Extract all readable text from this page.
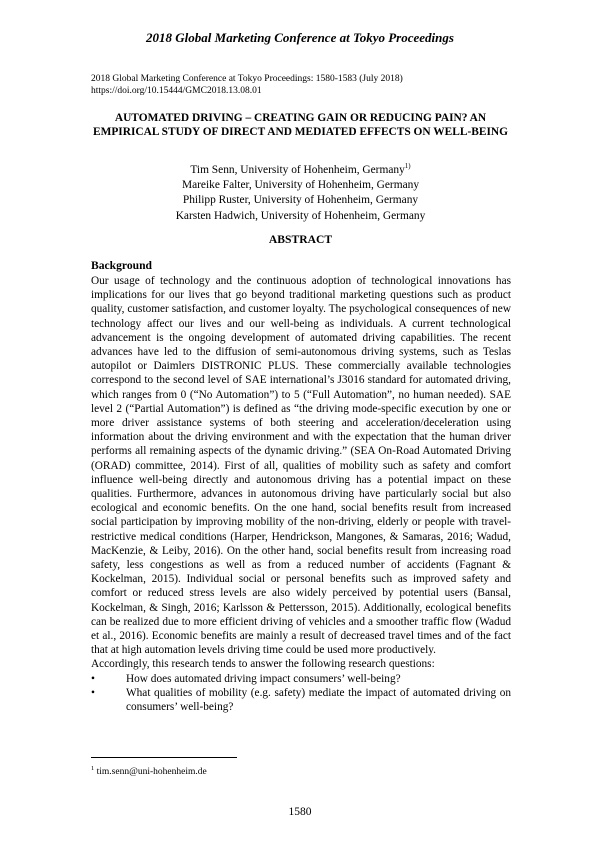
2018 Global Marketing Conference at Tokyo Proceedings
2018 Global Marketing Conference at Tokyo Proceedings: 1580-1583 (July 2018)
https://doi.org/10.15444/GMC2018.13.08.01
AUTOMATED DRIVING – CREATING GAIN OR REDUCING PAIN? AN EMPIRICAL STUDY OF DIRECT AND MEDIATED EFFECTS ON WELL-BEING
Tim Senn, University of Hohenheim, Germany$^{1)}$
Mareike Falter, University of Hohenheim, Germany
Philipp Ruster, University of Hohenheim, Germany
Karsten Hadwich, University of Hohenheim, Germany
ABSTRACT
Background

Our usage of technology and the continuous adoption of technological innovations has implications for our lives that go beyond traditional marketing questions such as product quality, customer satisfaction, and customer loyalty. The psychological consequences of new technology affect our lives and our well-being as individuals. A current technological advancement is the ongoing development of automated driving capabilities. The recent advances have led to the diffusion of semi-autonomous driving systems, such as Teslas autopilot or Daimlers DISTRONIC PLUS. These commercially available technologies correspond to the second level of SAE international’s J3016 standard for automated driving, which ranges from 0 (“No Automation”) to 5 (“Full Automation”, no human needed). SAE level 2 (“Partial Automation”) is defined as “the driving mode-specific execution by one or more driver assistance systems of both steering and acceleration/deceleration using information about the driving environment and with the expectation that the human driver performs all remaining aspects of the dynamic driving.” (SEA On-Road Automated Driving (ORAD) committee, 2014). First of all, qualities of mobility such as safety and comfort influence well-being directly and autonomous driving has a potential impact on these qualities. Furthermore, advances in autonomous driving have particularly social but also ecological and economic benefits. On the one hand, social benefits result from increased social participation by improving mobility of the non-driving, elderly or people with travel-restrictive medical conditions (Harper, Hendrickson, Mangones, & Samaras, 2016; Wadud, MacKenzie, & Leiby, 2016). On the other hand, social benefits result from increasing road safety, less congestions as well as from a reduced number of accidents (Fagnant & Kockelman, 2015). Individual social or personal benefits such as improved safety and comfort or reduced stress levels are also widely perceived by potential users (Bansal, Kockelman, & Singh, 2016; Karlsson & Pettersson, 2015). Additionally, ecological benefits can be realized due to more efficient driving of vehicles and a smoother traffic flow (Wadud et al., 2016). Economic benefits are mainly a result of decreased travel times and of the fact that at high automation levels driving time could be used more productively.

Accordingly, this research tends to answer the following research questions:

•	How does automated driving impact consumers’ well-being?
•	What qualities of mobility (e.g. safety) mediate the impact of automated driving on consumers’ well-being?
$^1$ tim.senn@uni-hohenheim.de
1580
